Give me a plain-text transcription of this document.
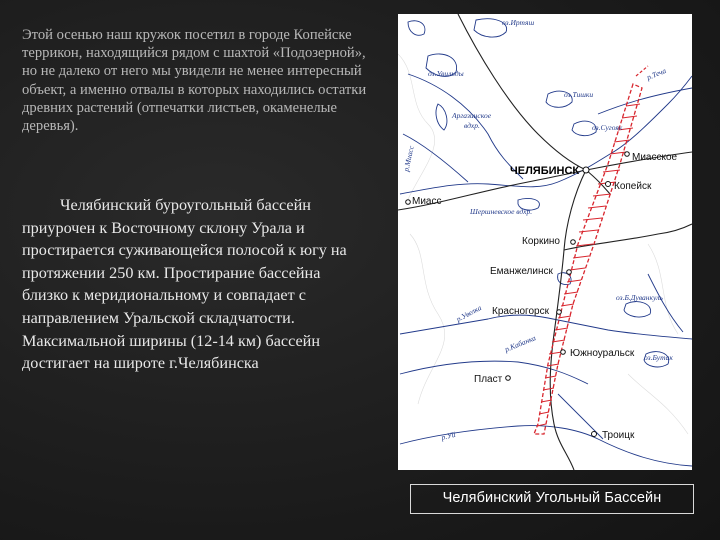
Этой осенью наш кружок посетил в городе Копейске террикон, находящийся рядом с шахтой «Подозерной», но не далеко от него мы увидели не менее интересный объект, а именно отвалы в которых находились остатки древних растений (отпечатки листьев, окаменелые деревья).

Челябинский буроугольный бассейн приурочен к Восточному склону Урала и простирается суживающейся полосой к югу на протяжении 250 км. Простирание бассейна близко к меридиональному и совпадает с направлением Уральской складчатости. Максимальной ширины (12-14 км) бассейн достигает на широте г.Челябинска

оз.Иртяш
оз.Увильды
оз.Тишки
Аргазинское
вдхр.	оз.Сугояк
р.Теча
р.Миасс
Шершневское вдхр.
р.Увелка
оз.Б.Дуванкуль
оз.Бутак
р.Уй
р.Кабанка
ЧЕЛЯБИНСК
Миасское
Копейск
Миасс
Коркино
Еманжелинск
Красногорск
Южноуральск
Пласт
Троицк
Челябинский Угольный Бассейн
